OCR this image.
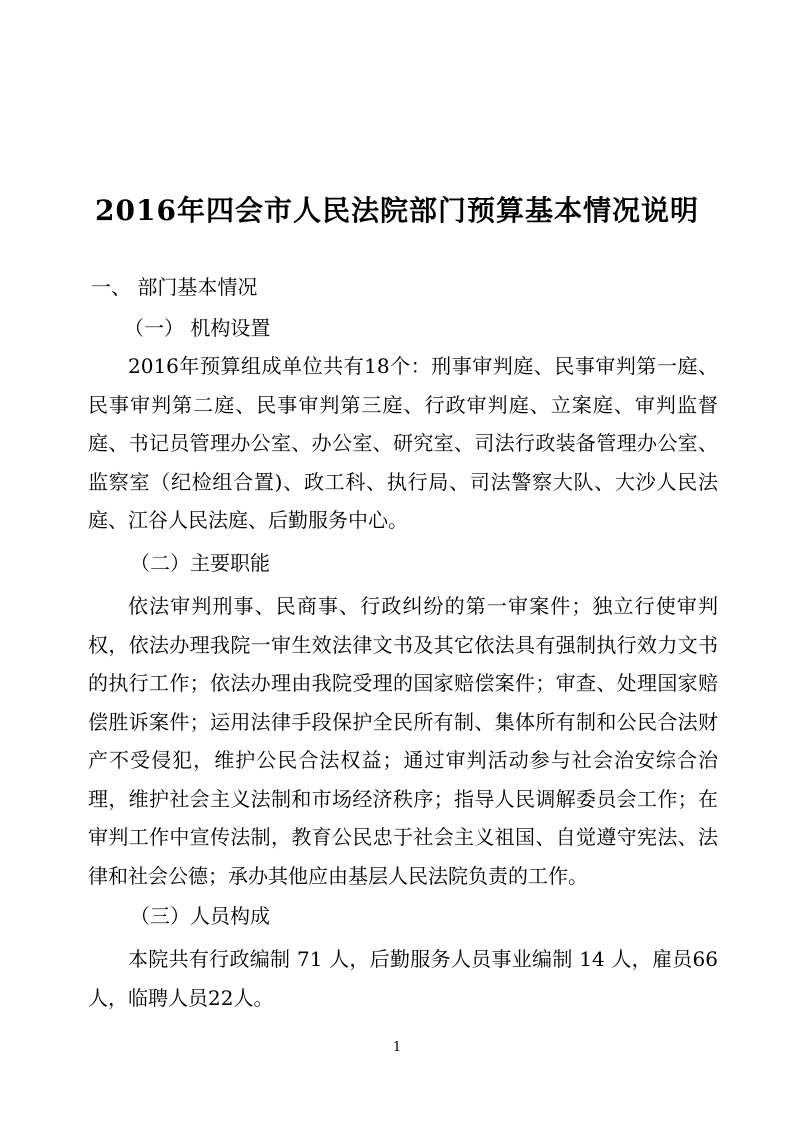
2016年四会市人民法院部门预算基本情况说明

一、 部门基本情况

（一） 机构设置

2016年预算组成单位共有18个：刑事审判庭、民事审判第一庭、民事审判第二庭、民事审判第三庭、行政审判庭、立案庭、审判监督庭、书记员管理办公室、办公室、研究室、司法行政装备管理办公室、监察室（纪检组合置)、政工科、执行局、司法警察大队、大沙人民法庭、江谷人民法庭、后勤服务中心。

（二）主要职能

依法审判刑事、民商事、行政纠纷的第一审案件；独立行使审判权，依法办理我院一审生效法律文书及其它依法具有强制执行效力文书的执行工作；依法办理由我院受理的国家赔偿案件；审查、处理国家赔偿胜诉案件；运用法律手段保护全民所有制、集体所有制和公民合法财产不受侵犯，维护公民合法权益；通过审判活动参与社会治安综合治理，维护社会主义法制和市场经济秩序；指导人民调解委员会工作；在审判工作中宣传法制，教育公民忠于社会主义祖国、自觉遵守宪法、法律和社会公德；承办其他应由基层人民法院负责的工作。

（三）人员构成

本院共有行政编制 71 人，后勤服务人员事业编制 14 人，雇员66人，临聘人员22人。

1
